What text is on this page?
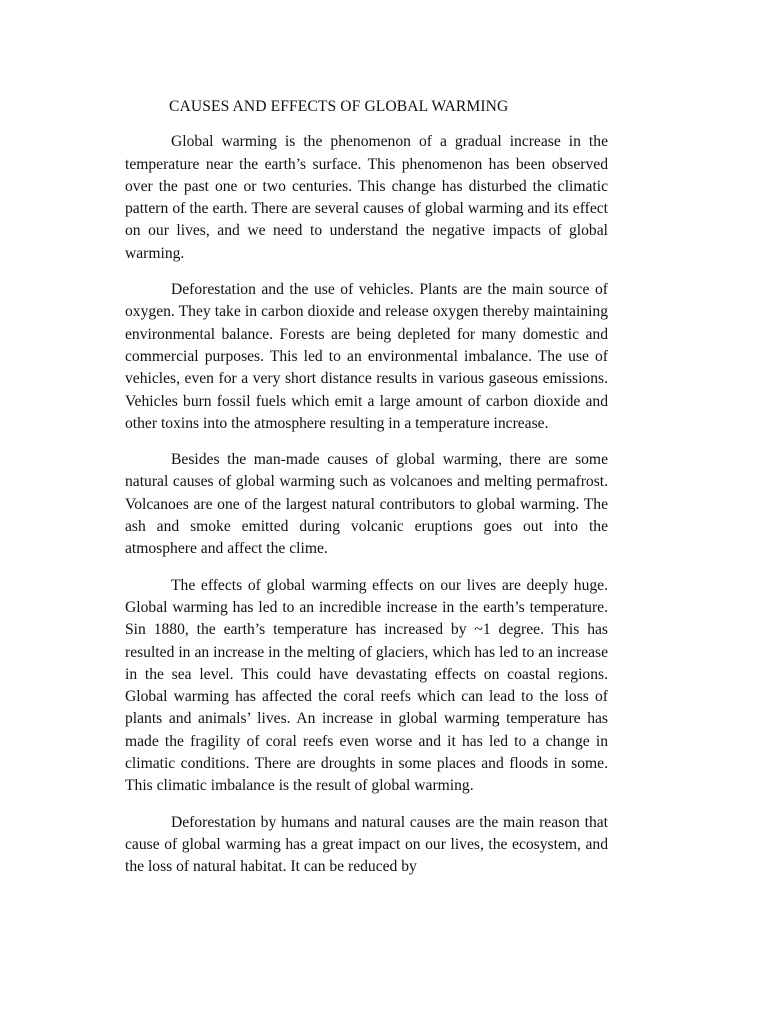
CAUSES AND EFFECTS OF GLOBAL WARMING

Global warming is the phenomenon of a gradual increase in the temperature near the earth’s surface. This phenomenon has been observed over the past one or two centuries. This change has disturbed the climatic pattern of the earth. There are several causes of global warming and its effect on our lives, and we need to understand the negative impacts of global warming.

Deforestation and the use of vehicles. Plants are the main source of oxygen. They take in carbon dioxide and release oxygen thereby maintaining environmental balance. Forests are being depleted for many domestic and commercial purposes. This led to an environmental imbalance. The use of vehicles, even for a very short distance results in various gaseous emissions. Vehicles burn fossil fuels which emit a large amount of carbon dioxide and other toxins into the atmosphere resulting in a temperature increase.

Besides the man-made causes of global warming, there are some natural causes of global warming such as volcanoes and melting permafrost. Volcanoes are one of the largest natural contributors to global warming. The ash and smoke emitted during volcanic eruptions goes out into the atmosphere and affect the clime.

The effects of global warming effects on our lives are deeply huge. Global warming has led to an incredible increase in the earth’s temperature. Sin 1880, the earth’s temperature has increased by ~1 degree. This has resulted in an increase in the melting of glaciers, which has led to an increase in the sea level. This could have devastating effects on coastal regions. Global warming has affected the coral reefs which can lead to the loss of plants and animals’ lives. An increase in global warming temperature has made the fragility of coral reefs even worse and it has led to a change in climatic conditions. There are droughts in some places and floods in some. This climatic imbalance is the result of global warming.

Deforestation by humans and natural causes are the main reason that cause of global warming has a great impact on our lives, the ecosystem, and the loss of natural habitat. It can be reduced by
